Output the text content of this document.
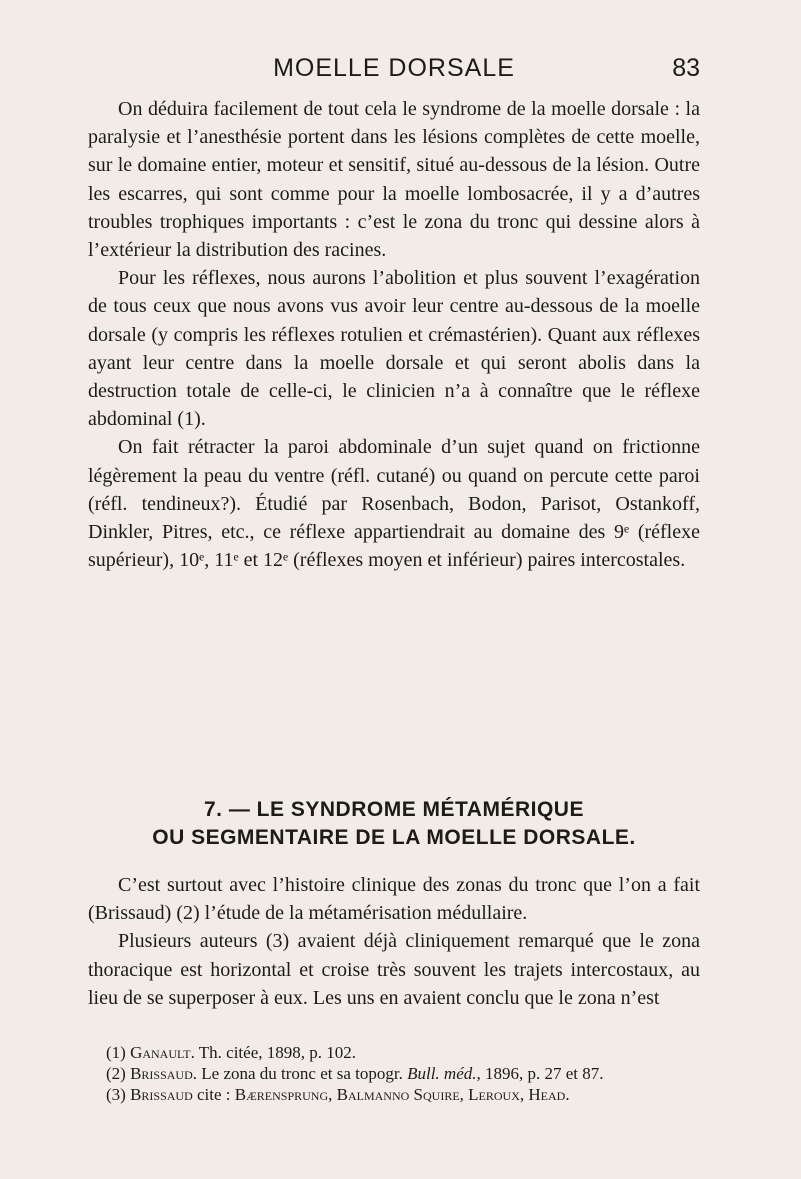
MOELLE DORSALE	83

On déduira facilement de tout cela le syndrome de la moelle dorsale : la paralysie et l’anesthésie portent dans les lésions complètes de cette moelle, sur le domaine entier, moteur et sensitif, situé au-dessous de la lésion. Outre les escarres, qui sont comme pour la moelle lombosacrée, il y a d’autres troubles trophiques importants : c’est le zona du tronc qui dessine alors à l’extérieur la distribution des racines.

Pour les réflexes, nous aurons l’abolition et plus souvent l’exagération de tous ceux que nous avons vus avoir leur centre au-dessous de la moelle dorsale (y compris les réflexes rotulien et crémastérien). Quant aux réflexes ayant leur centre dans la moelle dorsale et qui seront abolis dans la destruction totale de celle-ci, le clinicien n’a à connaître que le réflexe abdominal (1).

On fait rétracter la paroi abdominale d’un sujet quand on frictionne légèrement la peau du ventre (réfl. cutané) ou quand on percute cette paroi (réfl. tendineux?). Étudié par Rosenbach, Bodon, Parisot, Ostankoff, Dinkler, Pitres, etc., ce réflexe appartiendrait au domaine des 9ᵉ (réflexe supérieur), 10ᵉ, 11ᵉ et 12ᵉ (réflexes moyen et inférieur) paires intercostales.

7. — LE SYNDROME MÉTAMÉRIQUE
OU SEGMENTAIRE DE LA MOELLE DORSALE.

C’est surtout avec l’histoire clinique des zonas du tronc que l’on a fait (Brissaud) (2) l’étude de la métamérisation médullaire.

Plusieurs auteurs (3) avaient déjà cliniquement remarqué que le zona thoracique est horizontal et croise très souvent les trajets intercostaux, au lieu de se superposer à eux. Les uns en avaient conclu que le zona n’est

(1) Ganault. Th. citée, 1898, p. 102.

(2) Brissaud. Le zona du tronc et sa topogr. Bull. méd., 1896, p. 27 et 87.

(3) Brissaud cite : Bærensprung, Balmanno Squire, Leroux, Head.
